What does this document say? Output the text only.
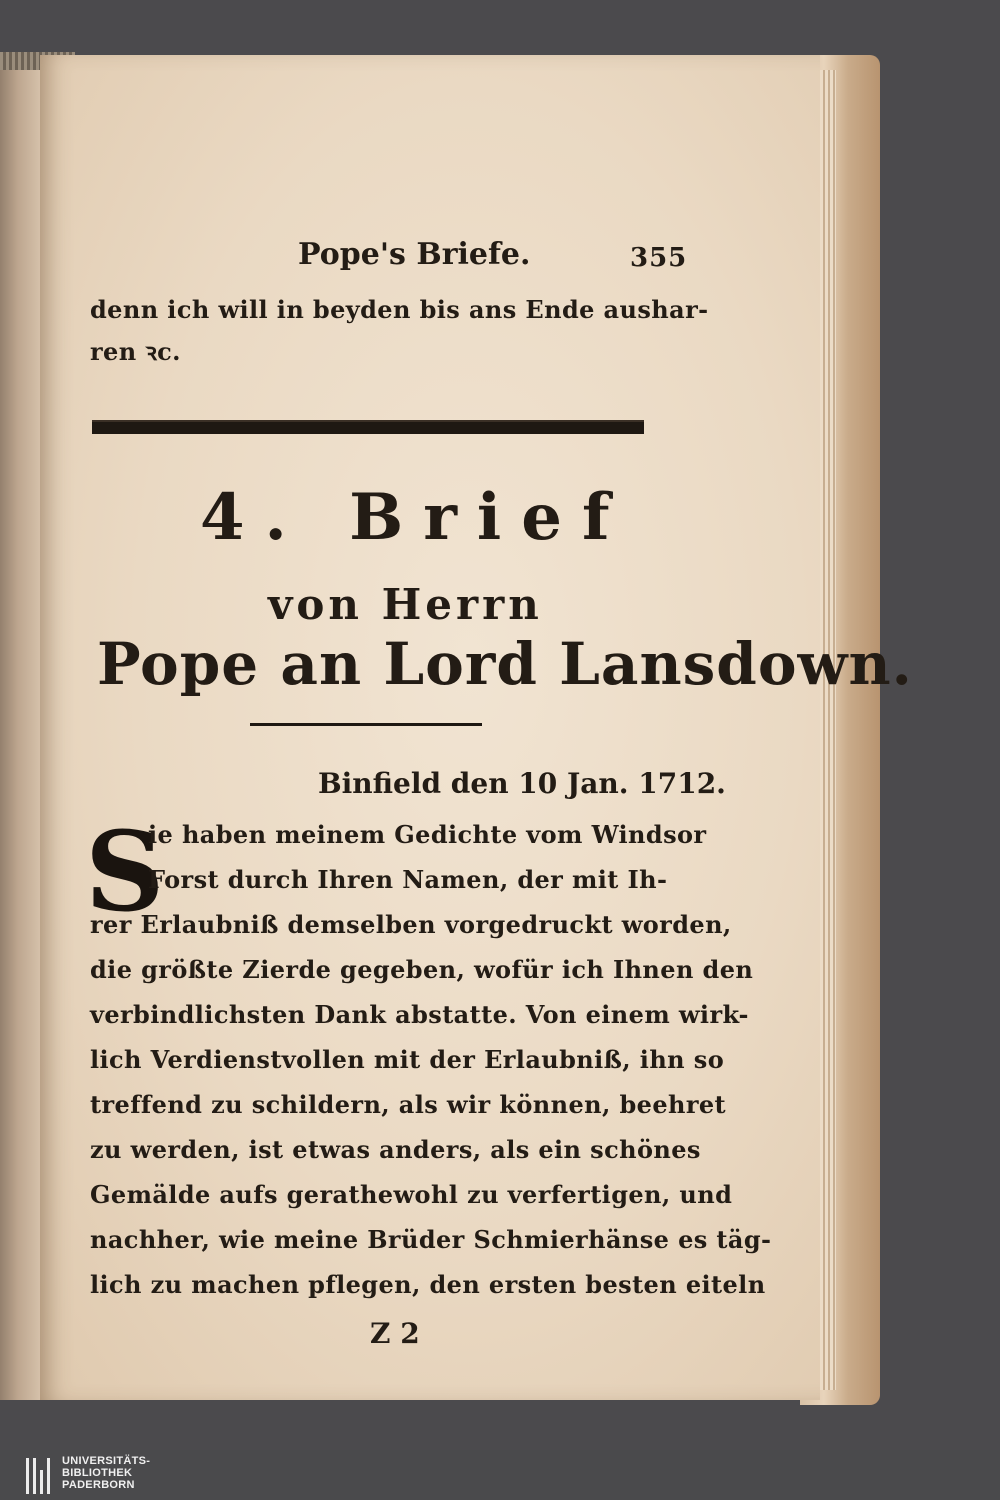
Pope's Briefe.	355
denn ich will in beyden bis ans Ende aushar-
ren ꝛc.
4. Brief
von Herrn
Pope an Lord Lansdown.
Binfield den 10 Jan. 1712.
S
ie haben meinem Gedichte vom Windsor
Forst durch Ihren Namen, der mit Ih-
rer Erlaubniß demselben vorgedruckt worden,
die größte Zierde gegeben, wofür ich Ihnen den
verbindlichsten Dank abstatte. Von einem wirk-
lich Verdienstvollen mit der Erlaubniß, ihn so
treffend zu schildern, als wir können, beehret
zu werden, ist etwas anders, als ein schönes
Gemälde aufs gerathewohl zu verfertigen, und
nachher, wie meine Brüder Schmierhänse es täg-
lich zu machen pflegen, den ersten besten eiteln
Z 2
UNIVERSITÄTS-
BIBLIOTHEK
PADERBORN
